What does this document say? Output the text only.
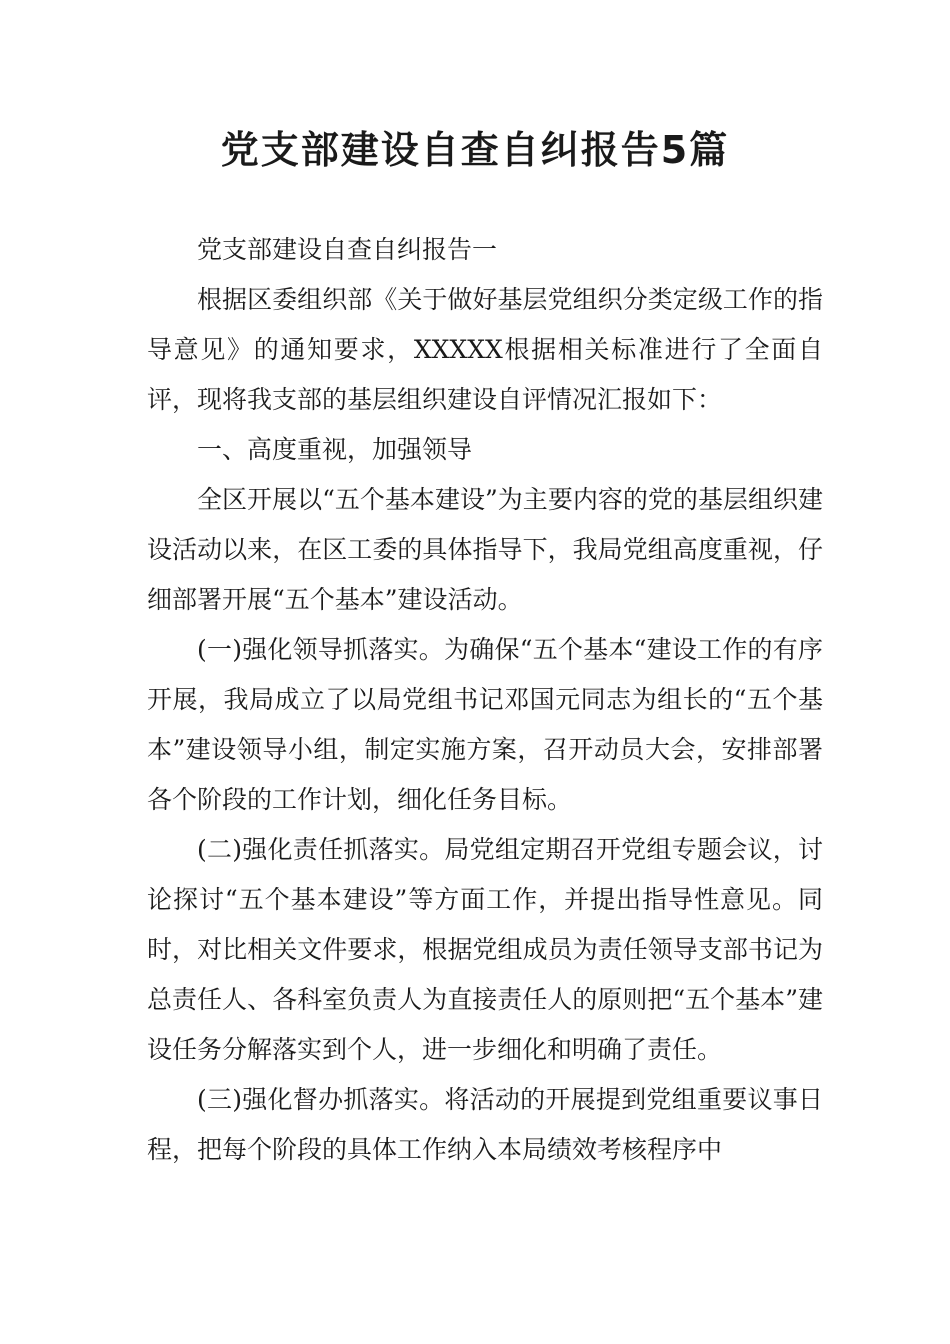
党支部建设自查自纠报告5篇

党支部建设自查自纠报告一

根据区委组织部《关于做好基层党组织分类定级工作的指导意见》的通知要求，XXXXX根据相关标准进行了全面自评，现将我支部的基层组织建设自评情况汇报如下：

一、高度重视，加强领导

全区开展以“五个基本建设”为主要内容的党的基层组织建设活动以来，在区工委的具体指导下，我局党组高度重视，仔细部署开展“五个基本”建设活动。

(一)强化领导抓落实。为确保“五个基本“建设工作的有序开展，我局成立了以局党组书记邓国元同志为组长的“五个基本”建设领导小组，制定实施方案，召开动员大会，安排部署各个阶段的工作计划，细化任务目标。

(二)强化责任抓落实。局党组定期召开党组专题会议，讨论探讨“五个基本建设”等方面工作，并提出指导性意见。同时，对比相关文件要求，根据党组成员为责任领导支部书记为总责任人、各科室负责人为直接责任人的原则把“五个基本”建设任务分解落实到个人，进一步细化和明确了责任。

(三)强化督办抓落实。将活动的开展提到党组重要议事日程，把每个阶段的具体工作纳入本局绩效考核程序中
